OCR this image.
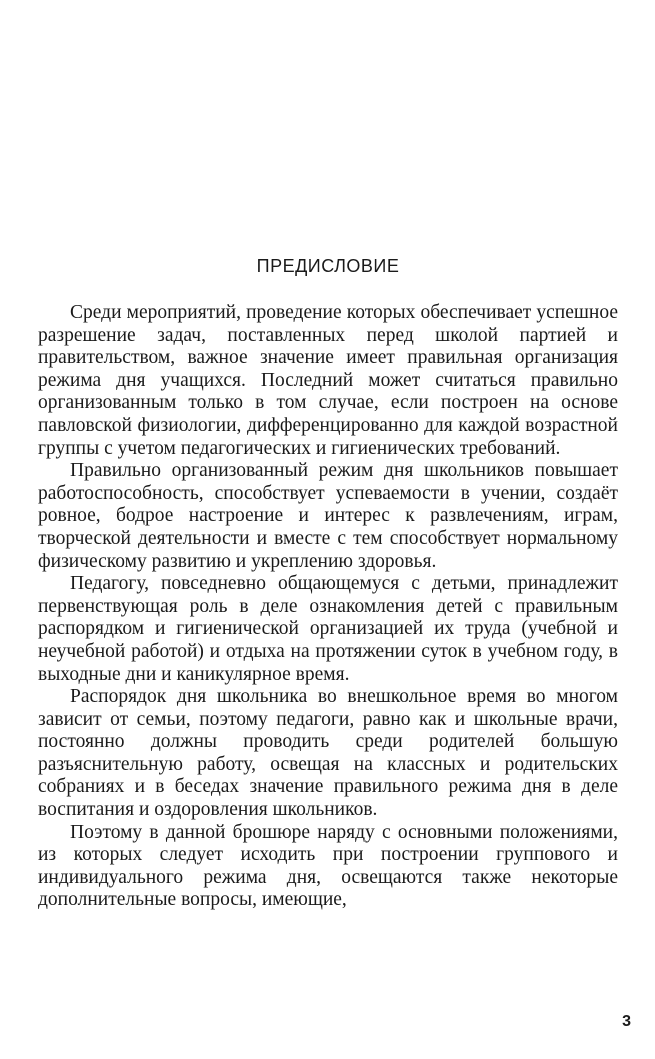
ПРЕДИСЛОВИЕ

Среди мероприятий, проведение которых обеспечивает успешное разрешение задач, поставленных перед школой партией и правительством, важное значение имеет правильная организация режима дня учащихся. Последний может считаться правильно организованным только в том случае, если построен на основе павловской физиологии, дифференцированно для каждой возрастной группы с учетом педагогических и гигиенических требований.

Правильно организованный режим дня школьников повышает работоспособность, способствует успеваемости в учении, создаёт ровное, бодрое настроение и интерес к развлечениям, играм, творческой деятельности и вместе с тем способствует нормальному физическому развитию и укреплению здоровья.

Педагогу, повседневно общающемуся с детьми, принадлежит первенствующая роль в деле ознакомления детей с правильным распорядком и гигиенической организацией их труда (учебной и неучебной работой) и отдыха на протяжении суток в учебном году, в выходные дни и каникулярное время.

Распорядок дня школьника во внешкольное время во многом зависит от семьи, поэтому педагоги, равно как и школьные врачи, постоянно должны проводить среди родителей большую разъяснительную работу, освещая на классных и родительских собраниях и в беседах значение правильного режима дня в деле воспитания и оздоровления школьников.

Поэтому в данной брошюре наряду с основными положениями, из которых следует исходить при построении группового и индивидуального режима дня, освещаются также некоторые дополнительные вопросы, имеющие,

3
